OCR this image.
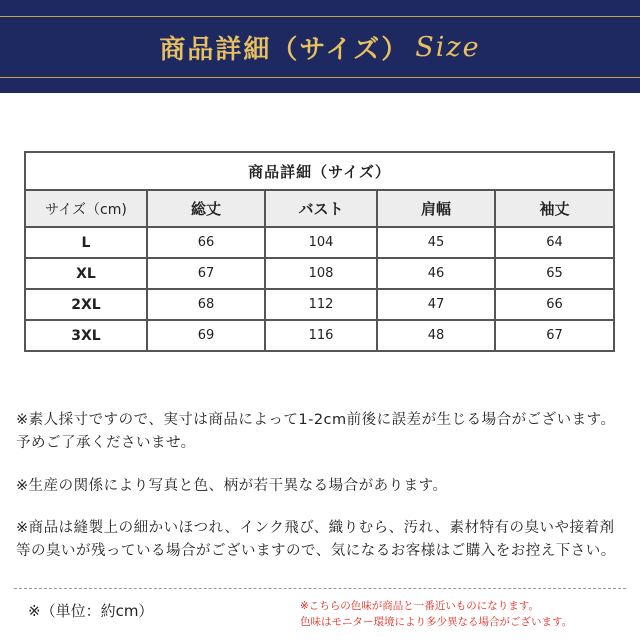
商品詳細（サイズ） Size
商品詳細（サイズ）				
サイズ（cm)	総丈	バスト	肩幅	袖丈
L	66	104	45	64
XL	67	108	46	65
2XL	68	112	47	66
3XL	69	116	48	67
※素人採寸ですので、実寸は商品によって1-2cm前後に誤差が生じる場合がございます。予めご了承くださいませ。
※生産の関係により写真と色、柄が若干異なる場合があります。
※商品は縫製上の細かいほつれ、インク飛び、織りむら、汚れ、素材特有の臭いや接着剤等の臭いが残っている場合がございますので、気になるお客様はご購入をお控え下さい。
※（単位：約cm）	※こちらの色味が商品と一番近いものになります。
色味はモニター環境により多少異なる場合がございます。
